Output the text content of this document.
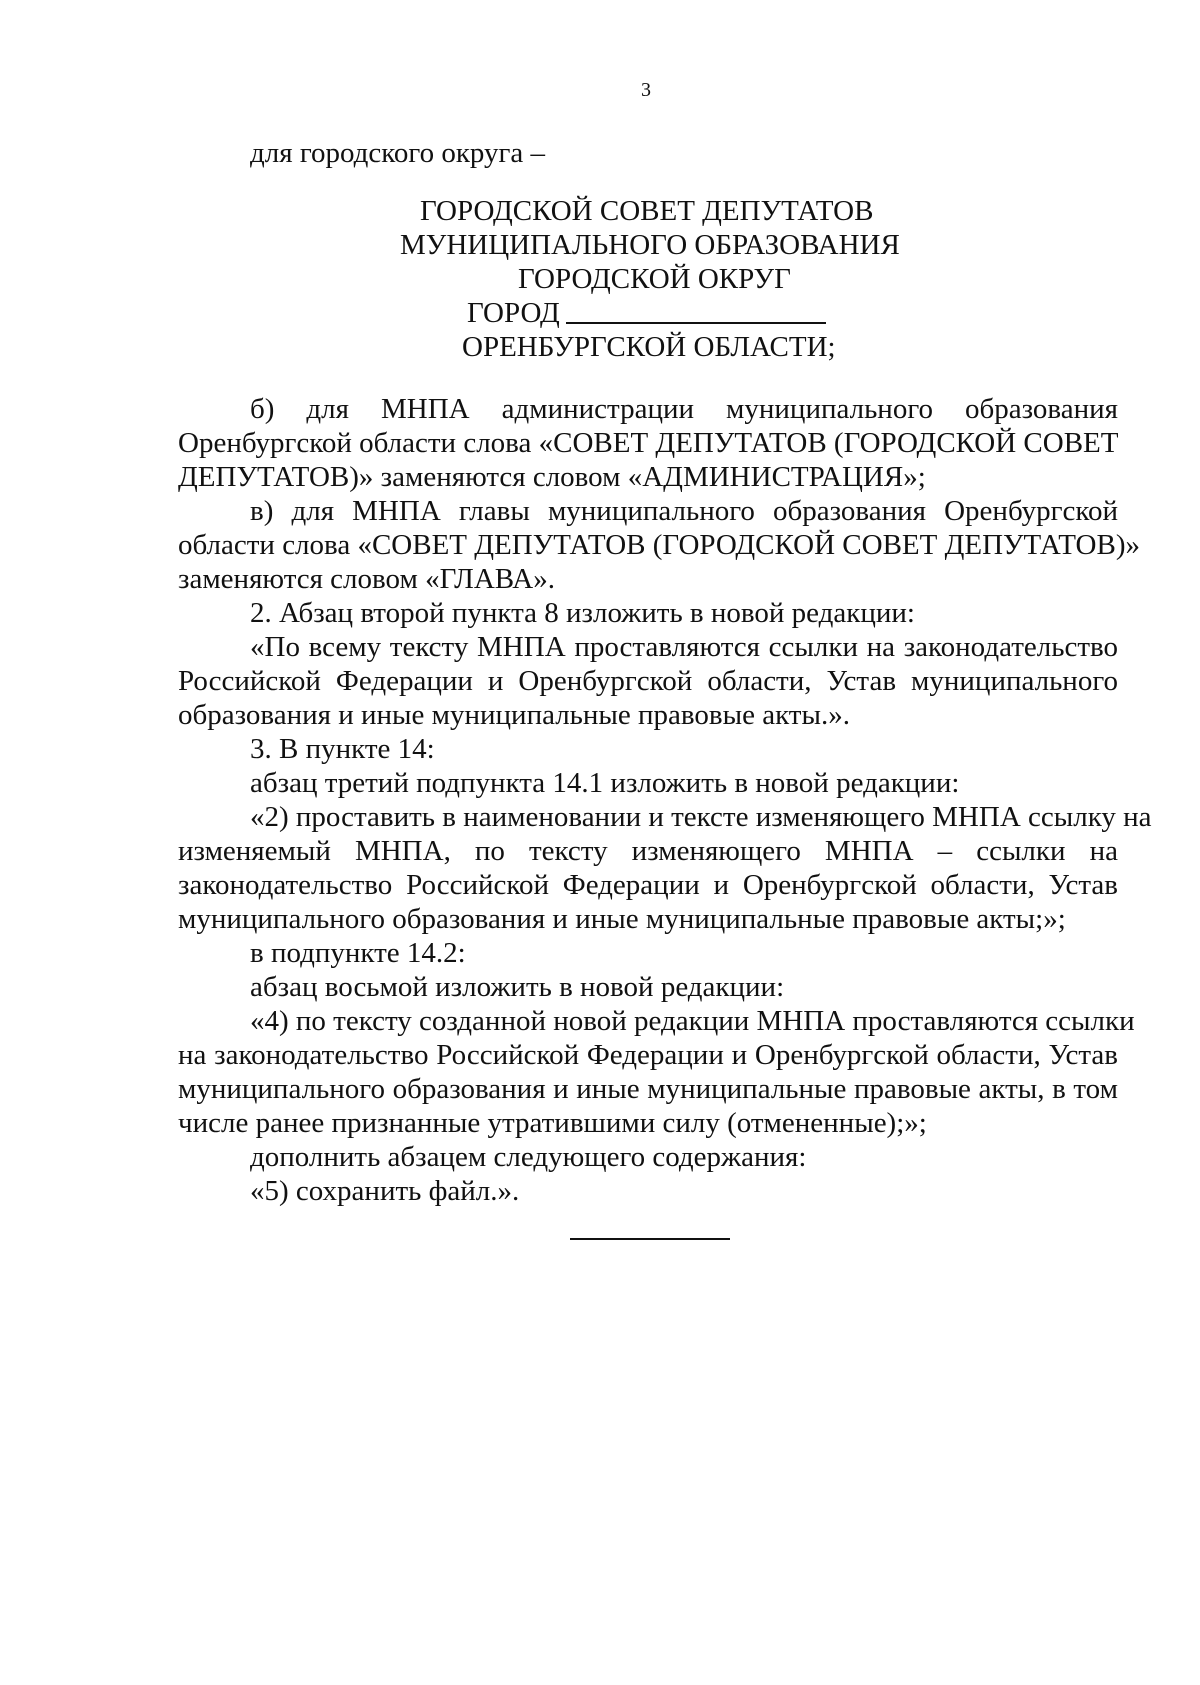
3
для городского округа –
ГОРОДСКОЙ СОВЕТ ДЕПУТАТОВ
МУНИЦИПАЛЬНОГО ОБРАЗОВАНИЯ
ГОРОДСКОЙ ОКРУГ
ГОРОД
ОРЕНБУРГСКОЙ ОБЛАСТИ;
б) для МНПА администрации муниципального образования
Оренбургской области слова «СОВЕТ ДЕПУТАТОВ (ГОРОДСКОЙ СОВЕТ
ДЕПУТАТОВ)» заменяются словом «АДМИНИСТРАЦИЯ»;
в) для МНПА главы муниципального образования Оренбургской
области слова «СОВЕТ ДЕПУТАТОВ (ГОРОДСКОЙ СОВЕТ ДЕПУТАТОВ)»
заменяются словом «ГЛАВА».
2. Абзац второй пункта 8 изложить в новой редакции:
«По всему тексту МНПА проставляются ссылки на законодательство
Российской Федерации и Оренбургской области, Устав муниципального
образования и иные муниципальные правовые акты.».
3. В пункте 14:
абзац третий подпункта 14.1 изложить в новой редакции:
«2) проставить в наименовании и тексте изменяющего МНПА ссылку на
изменяемый МНПА, по тексту изменяющего МНПА – ссылки на
законодательство Российской Федерации и Оренбургской области, Устав
муниципального образования и иные муниципальные правовые акты;»;
в подпункте 14.2:
абзац восьмой изложить в новой редакции:
«4) по тексту созданной новой редакции МНПА проставляются ссылки
на законодательство Российской Федерации и Оренбургской области, Устав
муниципального образования и иные муниципальные правовые акты, в том
числе ранее признанные утратившими силу (отмененные);»;
дополнить абзацем следующего содержания:
«5) сохранить файл.».
